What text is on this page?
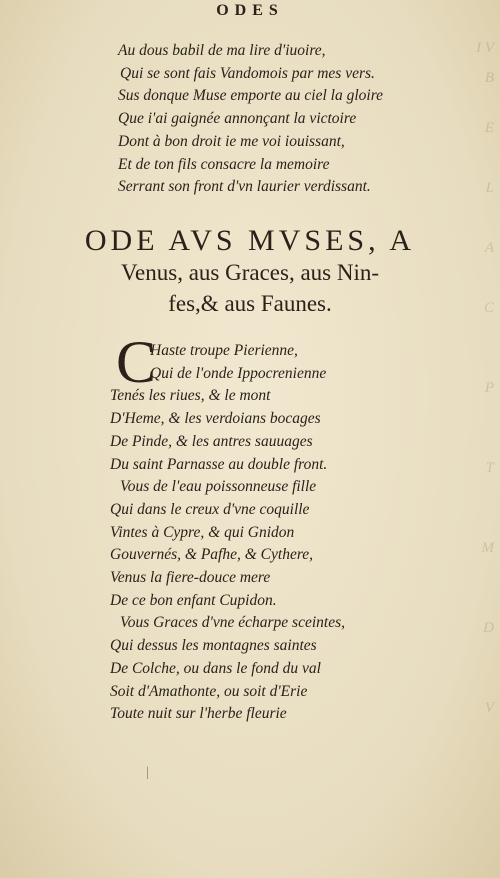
I V
B
E
L
A
C
P
T
M
D
V
ODES
Au dous babil de ma lire d'iuoire,
Qui se sont fais Vandomois par mes vers.
Sus donque Muse emporte au ciel la gloire
Que i'ai gaignée annonçant la victoire
Dont à bon droit ie me voi iouissant,
Et de ton fils consacre la memoire
Serrant son front d'vn laurier verdissant.
ODE AVS MVSES, A
Venus, aus Graces, aus Nin-
fes,& aus Faunes.
C
Haste troupe Pierienne,
Qui de l'onde Ippocrenienne
Tenés les riues, & le mont
D'Heme, & les verdoians bocages
De Pinde, & les antres sauuages
Du saint Parnasse au double front.
Vous de l'eau poissonneuse fille
Qui dans le creux d'vne coquille
Vintes à Cypre, & qui Gnidon
Gouvernés, & Pafhe, & Cythere,
Venus la fiere-douce mere
De ce bon enfant Cupidon.
Vous Graces d'vne écharpe sceintes,
Qui dessus les montagnes saintes
De Colche, ou dans le fond du val
Soit d'Amathonte, ou soit d'Erie
Toute nuit sur l'herbe fleurie
|
